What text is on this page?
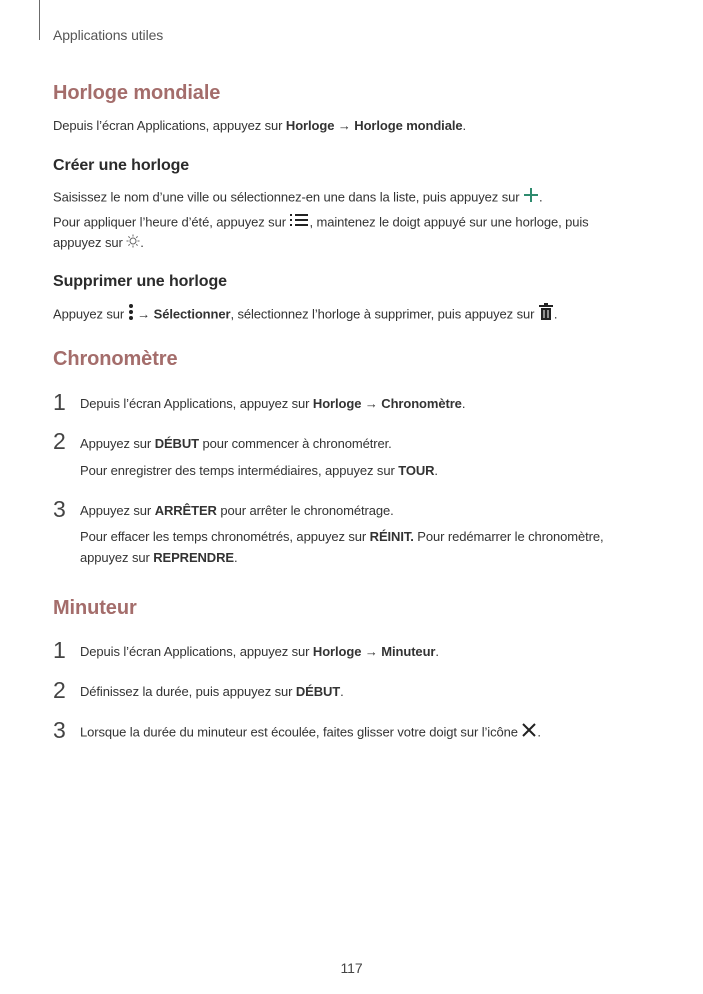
Applications utiles
Horloge mondiale
Depuis l’écran Applications, appuyez sur Horloge → Horloge mondiale.
Créer une horloge
Saisissez le nom d’une ville ou sélectionnez-en une dans la liste, puis appuyez sur .
Pour appliquer l’heure d’été, appuyez sur , maintenez le doigt appuyé sur une horloge, puis
appuyez sur .
Supprimer une horloge
Appuyez sur  → Sélectionner, sélectionnez l’horloge à supprimer, puis appuyez sur .
Chronomètre
1 Depuis l’écran Applications, appuyez sur Horloge → Chronomètre.
2 Appuyez sur DÉBUT pour commencer à chronométrer.
Pour enregistrer des temps intermédiaires, appuyez sur TOUR.
3 Appuyez sur ARRÊTER pour arrêter le chronométrage.
Pour effacer les temps chronométrés, appuyez sur RÉINIT. Pour redémarrer le chronomètre,
appuyez sur REPRENDRE.
Minuteur
1 Depuis l’écran Applications, appuyez sur Horloge → Minuteur.
2 Définissez la durée, puis appuyez sur DÉBUT.
3 Lorsque la durée du minuteur est écoulée, faites glisser votre doigt sur l’icône .
117
